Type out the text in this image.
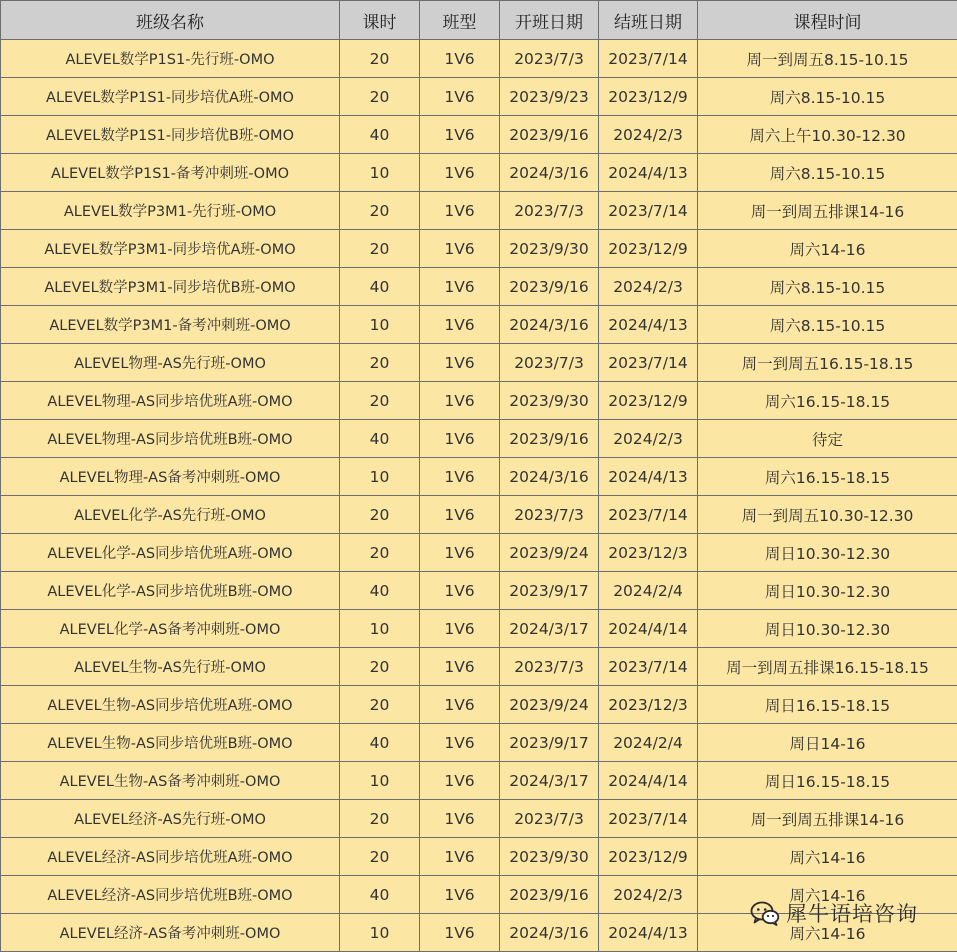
班级名称	课时	班型	开班日期	结班日期	课程时间
ALEVEL数学P1S1-先行班-OMO	20	1V6	2023/7/3	2023/7/14	周一到周五8.15-10.15
ALEVEL数学P1S1-同步培优A班-OMO	20	1V6	2023/9/23	2023/12/9	周六8.15-10.15
ALEVEL数学P1S1-同步培优B班-OMO	40	1V6	2023/9/16	2024/2/3	周六上午10.30-12.30
ALEVEL数学P1S1-备考冲刺班-OMO	10	1V6	2024/3/16	2024/4/13	周六8.15-10.15
ALEVEL数学P3M1-先行班-OMO	20	1V6	2023/7/3	2023/7/14	周一到周五排课14-16
ALEVEL数学P3M1-同步培优A班-OMO	20	1V6	2023/9/30	2023/12/9	周六14-16
ALEVEL数学P3M1-同步培优B班-OMO	40	1V6	2023/9/16	2024/2/3	周六8.15-10.15
ALEVEL数学P3M1-备考冲刺班-OMO	10	1V6	2024/3/16	2024/4/13	周六8.15-10.15
ALEVEL物理-AS先行班-OMO	20	1V6	2023/7/3	2023/7/14	周一到周五16.15-18.15
ALEVEL物理-AS同步培优班A班-OMO	20	1V6	2023/9/30	2023/12/9	周六16.15-18.15
ALEVEL物理-AS同步培优班B班-OMO	40	1V6	2023/9/16	2024/2/3	待定
ALEVEL物理-AS备考冲刺班-OMO	10	1V6	2024/3/16	2024/4/13	周六16.15-18.15
ALEVEL化学-AS先行班-OMO	20	1V6	2023/7/3	2023/7/14	周一到周五10.30-12.30
ALEVEL化学-AS同步培优班A班-OMO	20	1V6	2023/9/24	2023/12/3	周日10.30-12.30
ALEVEL化学-AS同步培优班B班-OMO	40	1V6	2023/9/17	2024/2/4	周日10.30-12.30
ALEVEL化学-AS备考冲刺班-OMO	10	1V6	2024/3/17	2024/4/14	周日10.30-12.30
ALEVEL生物-AS先行班-OMO	20	1V6	2023/7/3	2023/7/14	周一到周五排课16.15-18.15
ALEVEL生物-AS同步培优班A班-OMO	20	1V6	2023/9/24	2023/12/3	周日16.15-18.15
ALEVEL生物-AS同步培优班B班-OMO	40	1V6	2023/9/17	2024/2/4	周日14-16
ALEVEL生物-AS备考冲刺班-OMO	10	1V6	2024/3/17	2024/4/14	周日16.15-18.15
ALEVEL经济-AS先行班-OMO	20	1V6	2023/7/3	2023/7/14	周一到周五排课14-16
ALEVEL经济-AS同步培优班A班-OMO	20	1V6	2023/9/30	2023/12/9	周六14-16
ALEVEL经济-AS同步培优班B班-OMO	40	1V6	2023/9/16	2024/2/3	周六14-16
ALEVEL经济-AS备考冲刺班-OMO	10	1V6	2024/3/16	2024/4/13	周六14-16
犀牛语培咨询
